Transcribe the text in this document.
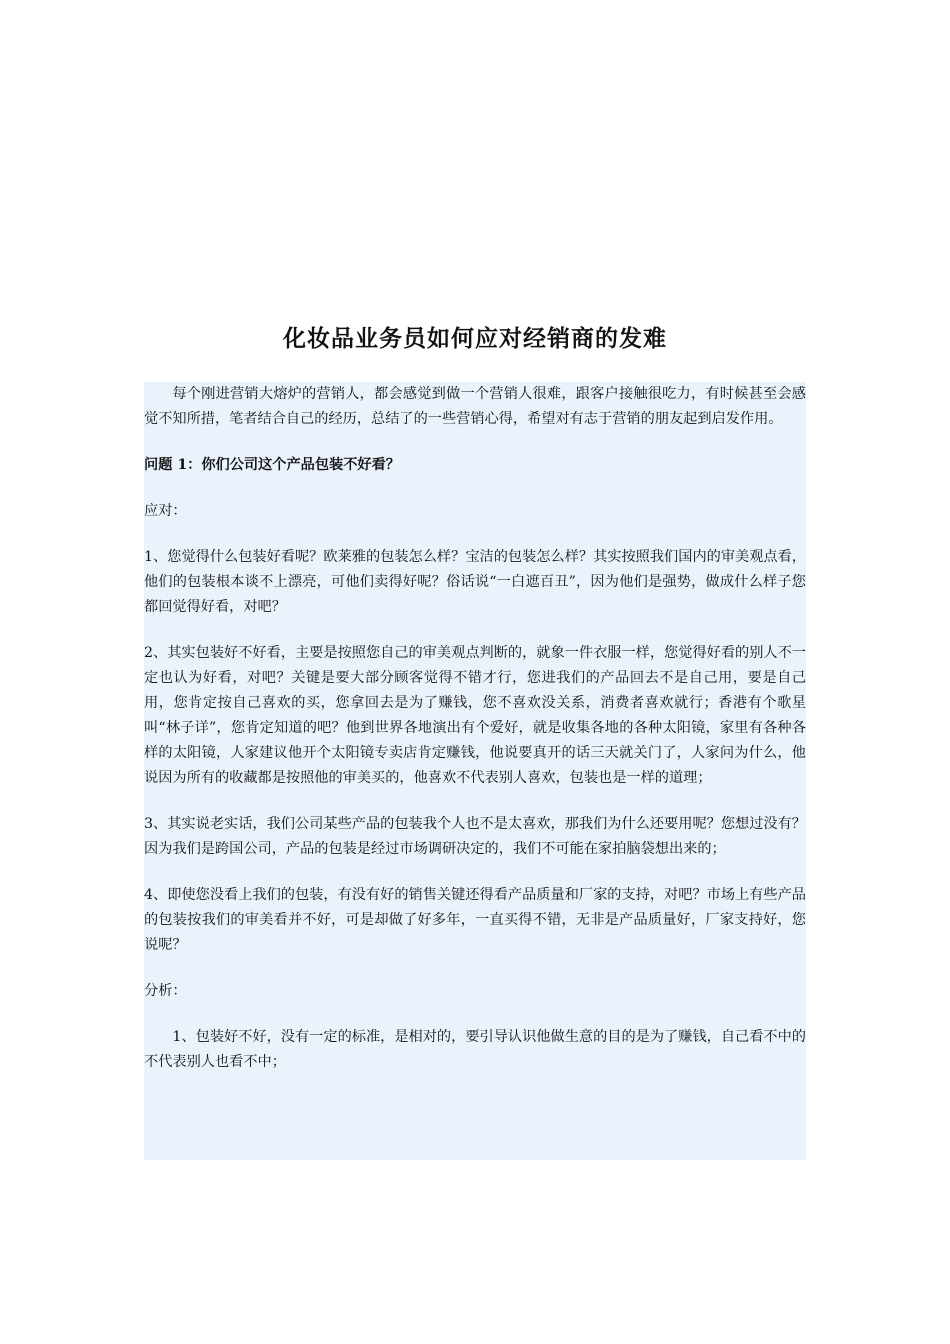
化妆品业务员如何应对经销商的发难

每个刚进营销大熔炉的营销人，都会感觉到做一个营销人很难，跟客户接触很吃力，有时候甚至会感觉不知所措，笔者结合自己的经历，总结了的一些营销心得，希望对有志于营销的朋友起到启发作用。

问题 1：你们公司这个产品包装不好看？

应对：

1、您觉得什么包装好看呢？欧莱雅的包装怎么样？宝洁的包装怎么样？其实按照我们国内的审美观点看，他们的包装根本谈不上漂亮，可他们卖得好呢？俗话说“一白遮百丑”，因为他们是强势，做成什么样子您都回觉得好看，对吧？

2、其实包装好不好看，主要是按照您自己的审美观点判断的，就象一件衣服一样，您觉得好看的别人不一定也认为好看，对吧？关键是要大部分顾客觉得不错才行，您进我们的产品回去不是自己用，要是自己用，您肯定按自己喜欢的买，您拿回去是为了赚钱，您不喜欢没关系，消费者喜欢就行；香港有个歌星叫“林子详”，您肯定知道的吧？他到世界各地演出有个爱好，就是收集各地的各种太阳镜，家里有各种各样的太阳镜，人家建议他开个太阳镜专卖店肯定赚钱，他说要真开的话三天就关门了，人家问为什么，他说因为所有的收藏都是按照他的审美买的，他喜欢不代表别人喜欢，包装也是一样的道理；

3、其实说老实话，我们公司某些产品的包装我个人也不是太喜欢，那我们为什么还要用呢？您想过没有？因为我们是跨国公司，产品的包装是经过市场调研决定的，我们不可能在家拍脑袋想出来的；

4、即使您没看上我们的包装，有没有好的销售关键还得看产品质量和厂家的支持，对吧？市场上有些产品的包装按我们的审美看并不好，可是却做了好多年，一直买得不错，无非是产品质量好，厂家支持好，您说呢？

分析：

1、包装好不好，没有一定的标准，是相对的，要引导认识他做生意的目的是为了赚钱，自己看不中的不代表别人也看不中；
